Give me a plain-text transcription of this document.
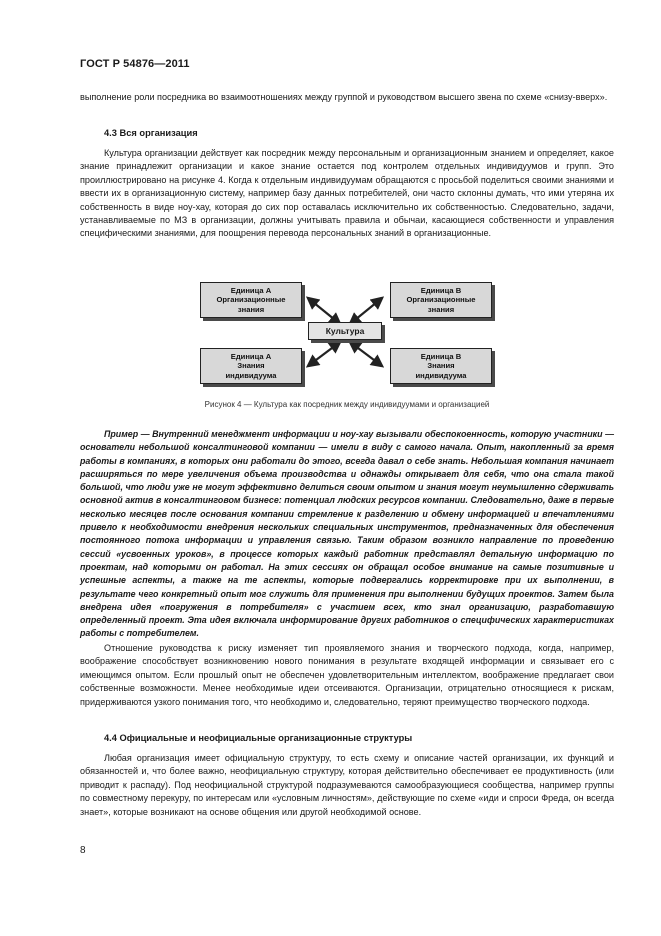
ГОСТ Р 54876—2011

выполнение роли посредника во взаимоотношениях между группой и руководством высшего звена по схеме «снизу-вверх».

4.3 Вся организация

Культура организации действует как посредник между персональным и организационным знанием и определяет, какое знание принадлежит организации и какое знание остается под контролем отдельных индивидуумов и групп. Это проиллюстрировано на рисунке 4. Когда к отдельным индивидуумам обращаются с просьбой поделиться своими знаниями и ввести их в организационную систему, например базу данных потребителей, они часто склонны думать, что ими утеряна их собственность в виде ноу-хау, которая до сих пор оставалась исключительно их собственностью. Следовательно, задачи, устанавливаемые по МЗ в организации, должны учитывать правила и обычаи, касающиеся собственности и управления специфическими знаниями, для поощрения перевода персональных знаний в организационные.

Единица А
Организационные
знания
Единица В
Организационные
знания
Культура
Единица А
Знания
индивидуума
Единица В
Знания
индивидуума
Рисунок 4 — Культура как посредник между индивидуумами и организацией

Пример — Внутренний менеджмент информации и ноу-хау вызывали обеспокоенность, которую участники — основатели небольшой консалтинговой компании — имели в виду с самого начала. Опыт, накопленный за время работы в компаниях, в которых они работали до этого, всегда давал о себе знать. Небольшая компания начинает расширяться по мере увеличения объема производства и однажды открывает для себя, что она стала такой большой, что люди уже не могут эффективно делиться своим опытом и знания могут неумышленно сдерживать основной актив в консалтинговом бизнесе: потенциал людских ресурсов компании. Следовательно, даже в первые несколько месяцев после основания компании стремление к разделению и обмену информацией и впечатлениями привело к необходимости внедрения нескольких специальных инструментов, предназначенных для обеспечения постоянного потока информации и управления связью. Таким образом возникло направление по проведению сессий «усвоенных уроков», в процессе которых каждый работник представлял детальную информацию по проектам, над которыми он работал. На этих сессиях он обращал особое внимание на самые позитивные и успешные аспекты, а также на те аспекты, которые подвергались корректировке при их выполнении, в результате чего конкретный опыт мог служить для применения при выполнении будущих проектов. Затем была внедрена идея «погружения в потребителя» с участием всех, кто знал организацию, разработавшую определенный проект. Эта идея включала информирование других работников о специфических характеристиках работы с потребителем.

Отношение руководства к риску изменяет тип проявляемого знания и творческого подхода, когда, например, воображение способствует возникновению нового понимания в результате входящей информации и связывает его с имеющимся опытом. Если прошлый опыт не обеспечен удовлетворительным интеллектом, воображение предлагает свои собственные возможности. Менее необходимые идеи отсеиваются. Организации, отрицательно относящиеся к рискам, придерживаются узкого понимания того, что необходимо и, следовательно, теряют преимущество творческого подхода.

4.4 Официальные и неофициальные организационные структуры

Любая организация имеет официальную структуру, то есть схему и описание частей организации, их функций и обязанностей и, что более важно, неофициальную структуру, которая действительно обеспечивает ее продуктивность (или приводит к распаду). Под неофициальной структурой подразумеваются самообразующиеся сообщества, например группы по совместному перекуру, по интересам или «условным личностям», действующие по схеме «иди и спроси Фреда, он всегда знает», которые возникают на основе общения или другой необходимой основе.

8
